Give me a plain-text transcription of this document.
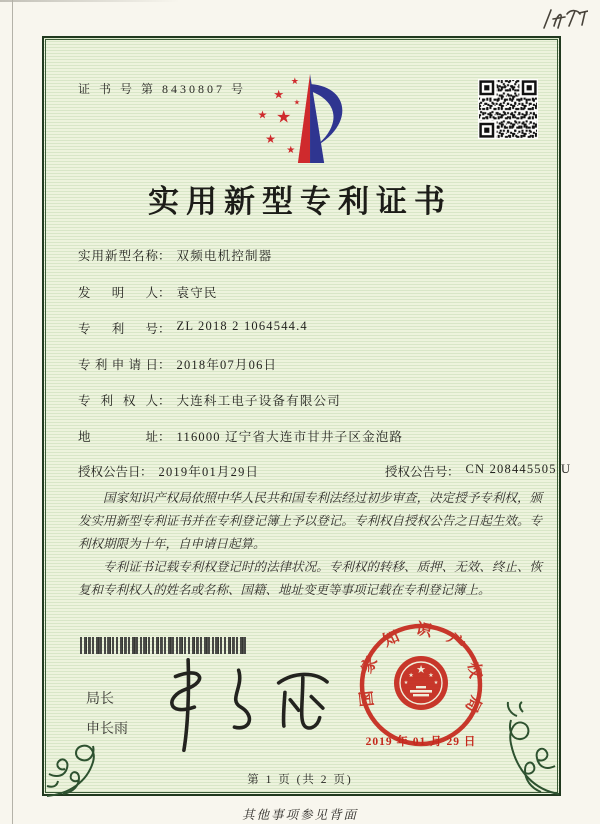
证 书 号 第 8430807 号	★
★
★
★ ★
★
★
实用新型专利证书
实用新型名称： 双频电机控制器
发明人： 袁守民
专利号： ZL 2018 2 1064544.4
专利申请日： 2018年07月06日
专利权人： 大连科工电子设备有限公司
地址： 116000 辽宁省大连市甘井子区金泡路
授权公告日： 2019年01月29日	授权公告号： CN 208445505 U

国家知识产权局依照中华人民共和国专利法经过初步审查，决定授予专利权，颁发实用新型专利证书并在专利登记簿上予以登记。专利权自授权公告之日起生效。专利权期限为十年，自申请日起算。

专利证书记载专利权登记时的法律状况。专利权的转移、质押、无效、终止、恢复和专利权人的姓名或名称、国籍、地址变更等事项记载在专利登记簿上。

局长
申长雨
国家知识产权局
★
★ ★
★	★
2019 年 01 月 29 日
第 1 页 (共 2 页)
其他事项参见背面
